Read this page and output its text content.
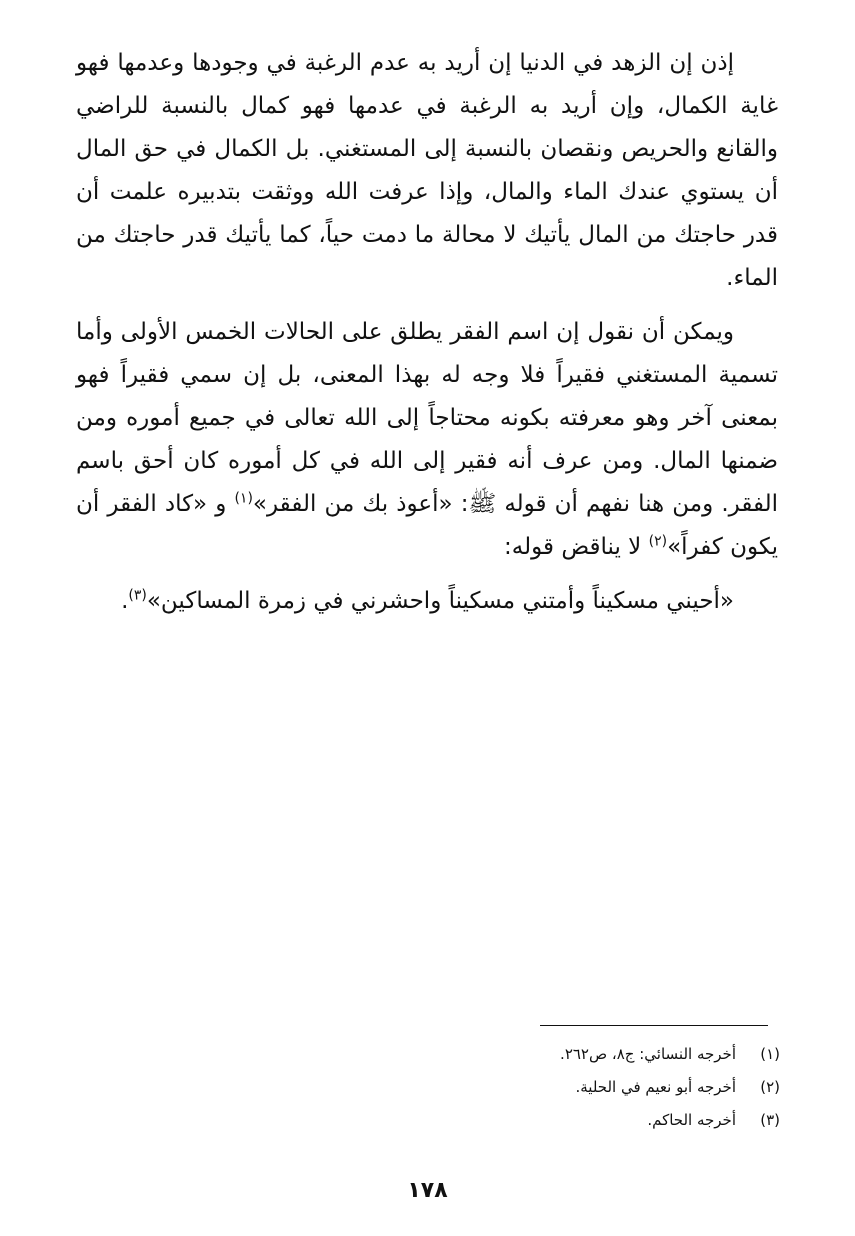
إذن إن الزهد في الدنيا إن أريد به عدم الرغبة في وجودها وعدمها فهو غاية الكمال، وإن أريد به الرغبة في عدمها فهو كمال بالنسبة للراضي والقانع والحريص ونقصان بالنسبة إلى المستغني. بل الكمال في حق المال أن يستوي عندك الماء والمال، وإذا عرفت الله ووثقت بتدبيره علمت أن قدر حاجتك من المال يأتيك لا محالة ما دمت حياً، كما يأتيك قدر حاجتك من الماء.

ويمكن أن نقول إن اسم الفقر يطلق على الحالات الخمس الأولى وأما تسمية المستغني فقيراً فلا وجه له بهذا المعنى، بل إن سمي فقيراً فهو بمعنى آخر وهو معرفته بكونه محتاجاً إلى الله تعالى في جميع أموره ومن ضمنها المال. ومن عرف أنه فقير إلى الله في كل أموره كان أحق باسم الفقر. ومن هنا نفهم أن قوله ﷺ: «أعوذ بك من الفقر»$^{(١)}$ و «كاد الفقر أن يكون كفراً»$^{(٢)}$ لا يناقض قوله:

«أحيني مسكيناً وأمتني مسكيناً واحشرني في زمرة المساكين»$^{(٣)}$.

(١)أخرجه النسائي: ج٨، ص٢٦٢.
(٢)أخرجه أبو نعيم في الحلية.
(٣)أخرجه الحاكم.
١٧٨
